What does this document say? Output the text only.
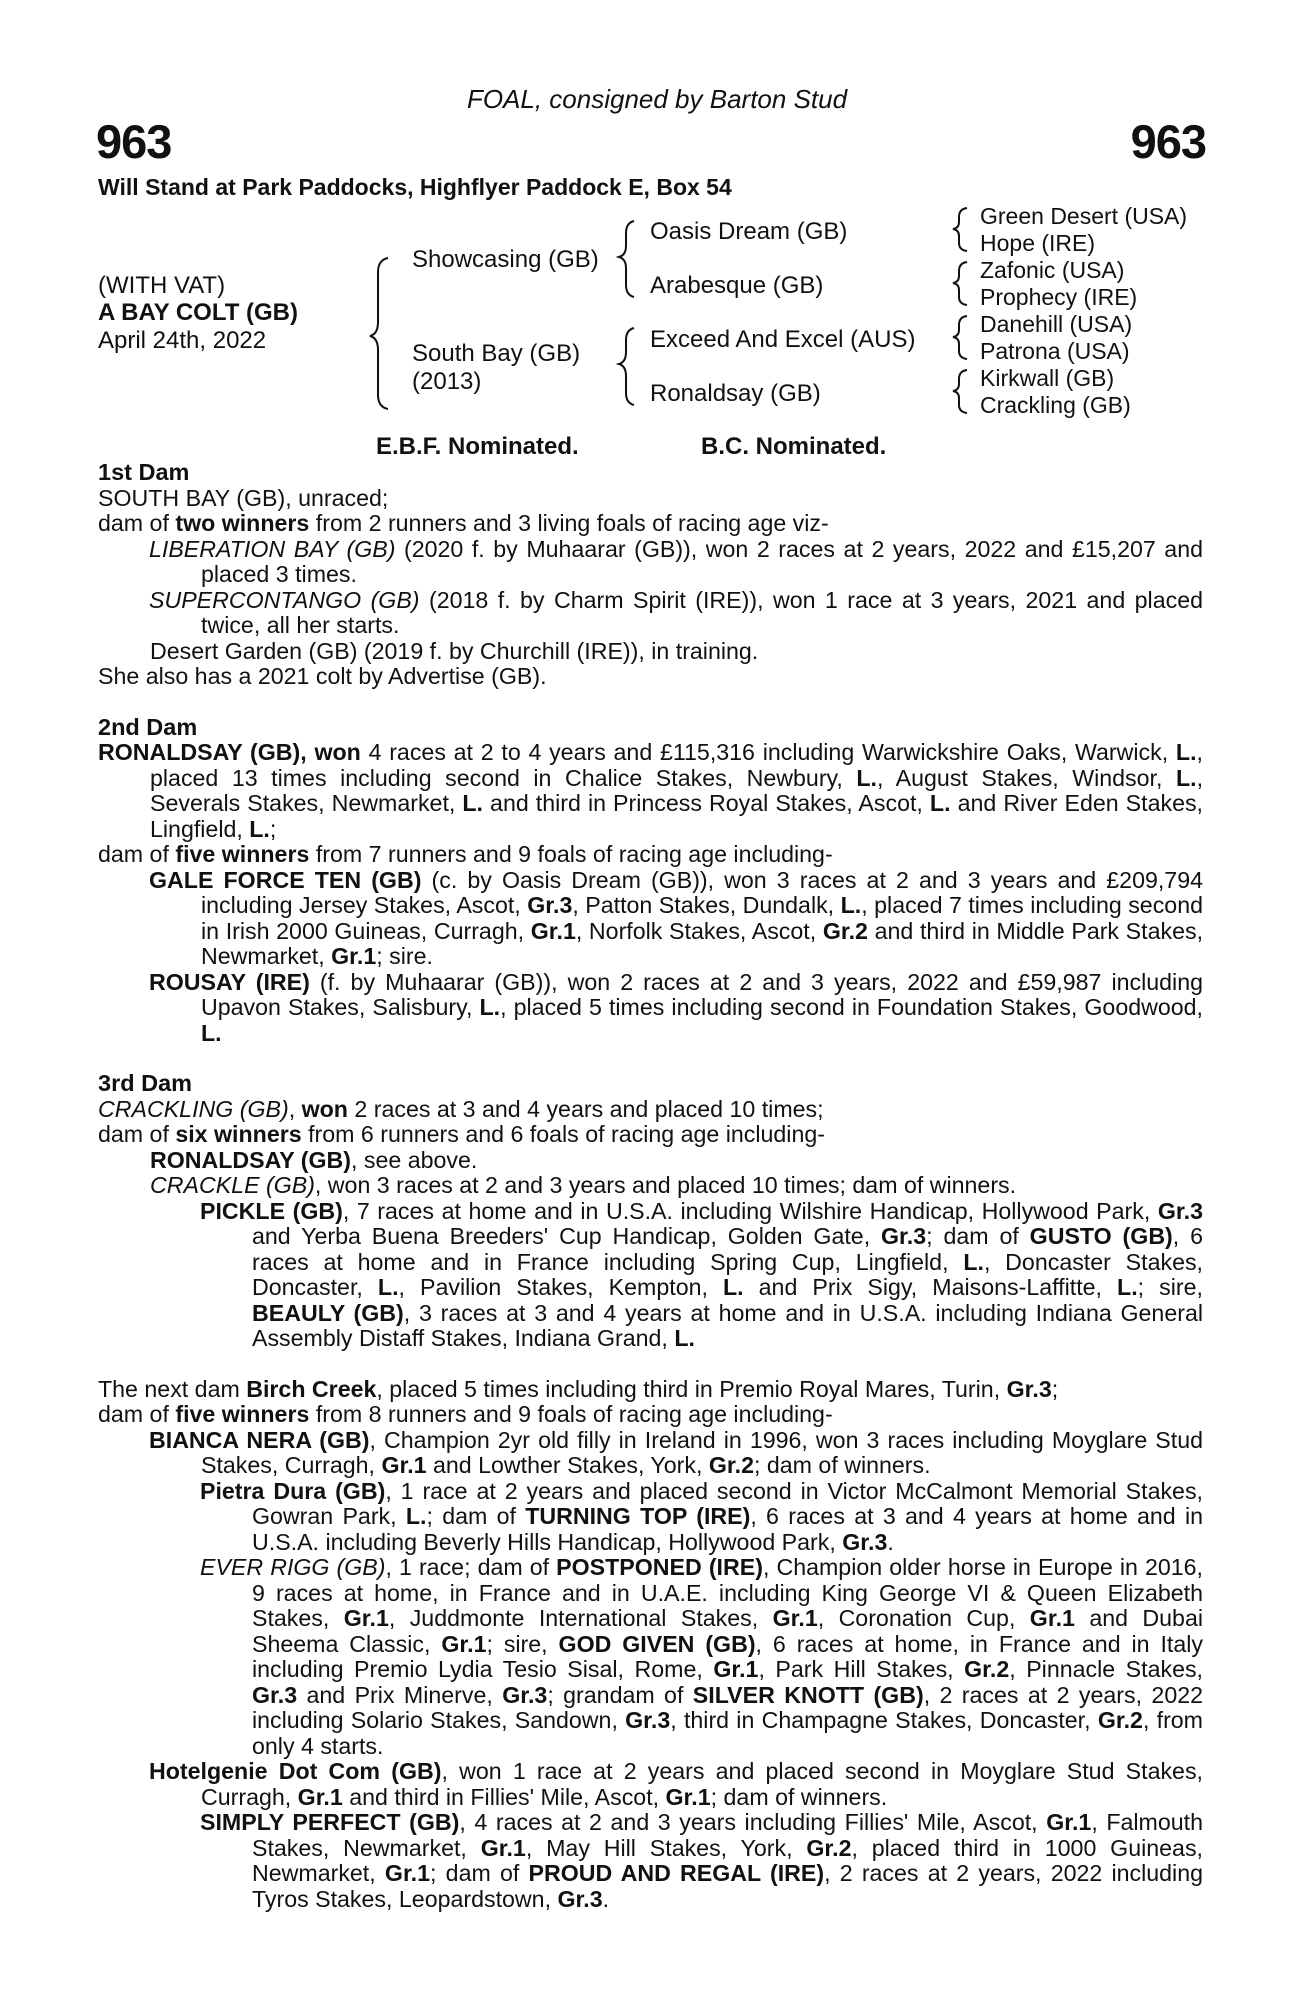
FOAL, consigned by Barton Stud
963	963
Will Stand at Park Paddocks, Highflyer Paddock E, Box 54
(WITH VAT)
A BAY COLT (GB)
April 24th, 2022
Showcasing (GB)
South Bay (GB)
(2013)
Oasis Dream (GB)
Arabesque (GB)
Exceed And Excel (AUS)
Ronaldsay (GB)
Green Desert (USA)
Hope (IRE)
Zafonic (USA)
Prophecy (IRE)
Danehill (USA)
Patrona (USA)
Kirkwall (GB)
Crackling (GB)
E.B.F. Nominated.	B.C. Nominated.

1st Dam

SOUTH BAY (GB), unraced;

dam of two winners from 2 runners and 3 living foals of racing age viz-

LIBERATION BAY (GB) (2020 f. by Muhaarar (GB)), won 2 races at 2 years, 2022 and £15,207 and placed 3 times.

SUPERCONTANGO (GB) (2018 f. by Charm Spirit (IRE)), won 1 race at 3 years, 2021 and placed twice, all her starts.

Desert Garden (GB) (2019 f. by Churchill (IRE)), in training.

She also has a 2021 colt by Advertise (GB).

2nd Dam

RONALDSAY (GB), won 4 races at 2 to 4 years and £115,316 including Warwickshire Oaks, Warwick, L., placed 13 times including second in Chalice Stakes, Newbury, L., August Stakes, Windsor, L., Severals Stakes, Newmarket, L. and third in Princess Royal Stakes, Ascot, L. and River Eden Stakes, Lingfield, L.;

dam of five winners from 7 runners and 9 foals of racing age including-

GALE FORCE TEN (GB) (c. by Oasis Dream (GB)), won 3 races at 2 and 3 years and £209,794 including Jersey Stakes, Ascot, Gr.3, Patton Stakes, Dundalk, L., placed 7 times including second in Irish 2000 Guineas, Curragh, Gr.1, Norfolk Stakes, Ascot, Gr.2 and third in Middle Park Stakes, Newmarket, Gr.1; sire.

ROUSAY (IRE) (f. by Muhaarar (GB)), won 2 races at 2 and 3 years, 2022 and £59,987 including Upavon Stakes, Salisbury, L., placed 5 times including second in Foundation Stakes, Goodwood, L.

3rd Dam

CRACKLING (GB), won 2 races at 3 and 4 years and placed 10 times;

dam of six winners from 6 runners and 6 foals of racing age including-

RONALDSAY (GB), see above.

CRACKLE (GB), won 3 races at 2 and 3 years and placed 10 times; dam of winners.

PICKLE (GB), 7 races at home and in U.S.A. including Wilshire Handicap, Hollywood Park, Gr.3 and Yerba Buena Breeders' Cup Handicap, Golden Gate, Gr.3; dam of GUSTO (GB), 6 races at home and in France including Spring Cup, Lingfield, L., Doncaster Stakes, Doncaster, L., Pavilion Stakes, Kempton, L. and Prix Sigy, Maisons-Laffitte, L.; sire, BEAULY (GB), 3 races at 3 and 4 years at home and in U.S.A. including Indiana General Assembly Distaff Stakes, Indiana Grand, L.

The next dam Birch Creek, placed 5 times including third in Premio Royal Mares, Turin, Gr.3;

dam of five winners from 8 runners and 9 foals of racing age including-

BIANCA NERA (GB), Champion 2yr old filly in Ireland in 1996, won 3 races including Moyglare Stud Stakes, Curragh, Gr.1 and Lowther Stakes, York, Gr.2; dam of winners.

Pietra Dura (GB), 1 race at 2 years and placed second in Victor McCalmont Memorial Stakes, Gowran Park, L.; dam of TURNING TOP (IRE), 6 races at 3 and 4 years at home and in U.S.A. including Beverly Hills Handicap, Hollywood Park, Gr.3.

EVER RIGG (GB), 1 race; dam of POSTPONED (IRE), Champion older horse in Europe in 2016, 9 races at home, in France and in U.A.E. including King George VI & Queen Elizabeth Stakes, Gr.1, Juddmonte International Stakes, Gr.1, Coronation Cup, Gr.1 and Dubai Sheema Classic, Gr.1; sire, GOD GIVEN (GB), 6 races at home, in France and in Italy including Premio Lydia Tesio Sisal, Rome, Gr.1, Park Hill Stakes, Gr.2, Pinnacle Stakes, Gr.3 and Prix Minerve, Gr.3; grandam of SILVER KNOTT (GB), 2 races at 2 years, 2022 including Solario Stakes, Sandown, Gr.3, third in Champagne Stakes, Doncaster, Gr.2, from only 4 starts.

Hotelgenie Dot Com (GB), won 1 race at 2 years and placed second in Moyglare Stud Stakes, Curragh, Gr.1 and third in Fillies' Mile, Ascot, Gr.1; dam of winners.

SIMPLY PERFECT (GB), 4 races at 2 and 3 years including Fillies' Mile, Ascot, Gr.1, Falmouth Stakes, Newmarket, Gr.1, May Hill Stakes, York, Gr.2, placed third in 1000 Guineas, Newmarket, Gr.1; dam of PROUD AND REGAL (IRE), 2 races at 2 years, 2022 including Tyros Stakes, Leopardstown, Gr.3.
